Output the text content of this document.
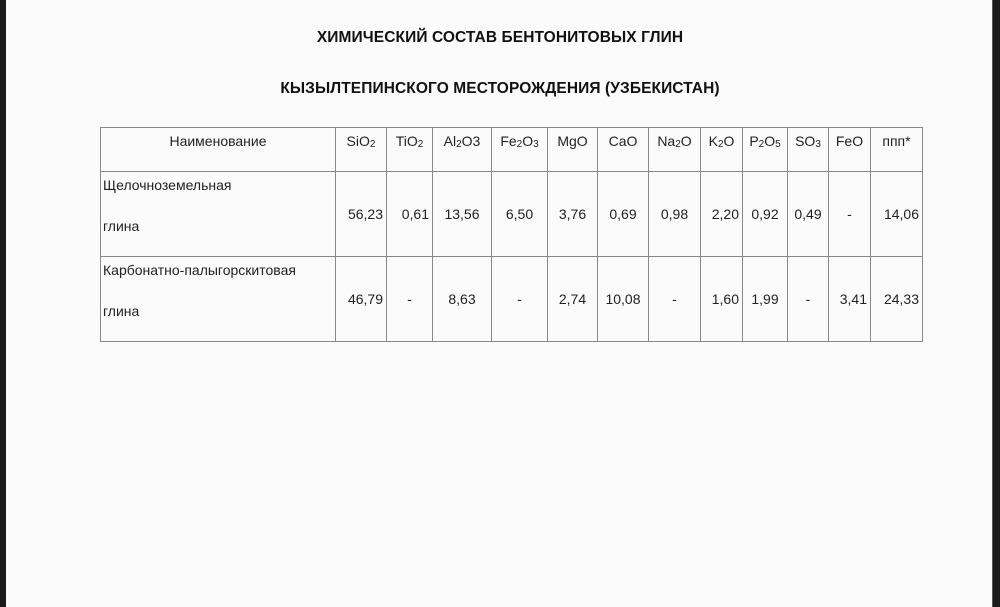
ХИМИЧЕСКИЙ СОСТАВ БЕНТОНИТОВЫХ ГЛИН
КЫЗЫЛТЕПИНСКОГО МЕСТОРОЖДЕНИЯ (УЗБЕКИСТАН)
Наименование	SiO$_2$	TiO$_2$	$Al_2O3$	$Fe_2O_3$	MgO	CaO	$Na_2O$	$K_2O$	$P_2O_5$	$SO_3$	FeO	ппп*

Щелочноземельная
глина	56,23	0,61	13,56	6,50	3,76	0,69	0,98	2,20	0,92	0,49	-	14,06

Карбонатно-палыгорскитовая
глина	46,79	-	8,63	-	2,74	10,08	-	1,60	1,99	-	3,41	24,33
